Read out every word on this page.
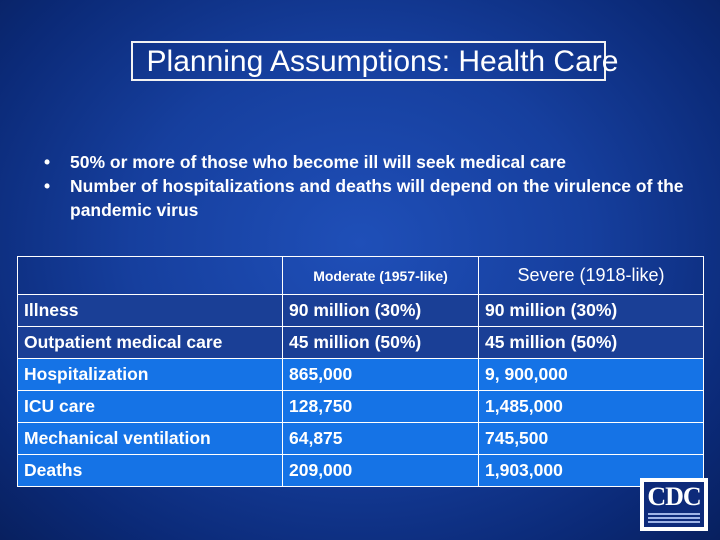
Planning Assumptions: Health Care
• 50% or more of those who become ill will seek medical care
• Number of hospitalizations and deaths will depend on the virulence of the pandemic virus
	Moderate (1957-like)	Severe (1918-like)
Illness	90 million (30%)	90 million (30%)
Outpatient medical care	45 million (50%)	45 million (50%)
Hospitalization	865,000	9, 900,000
ICU care	128,750	1,485,000
Mechanical ventilation	64,875	745,500
Deaths	209,000	1,903,000
CDC
